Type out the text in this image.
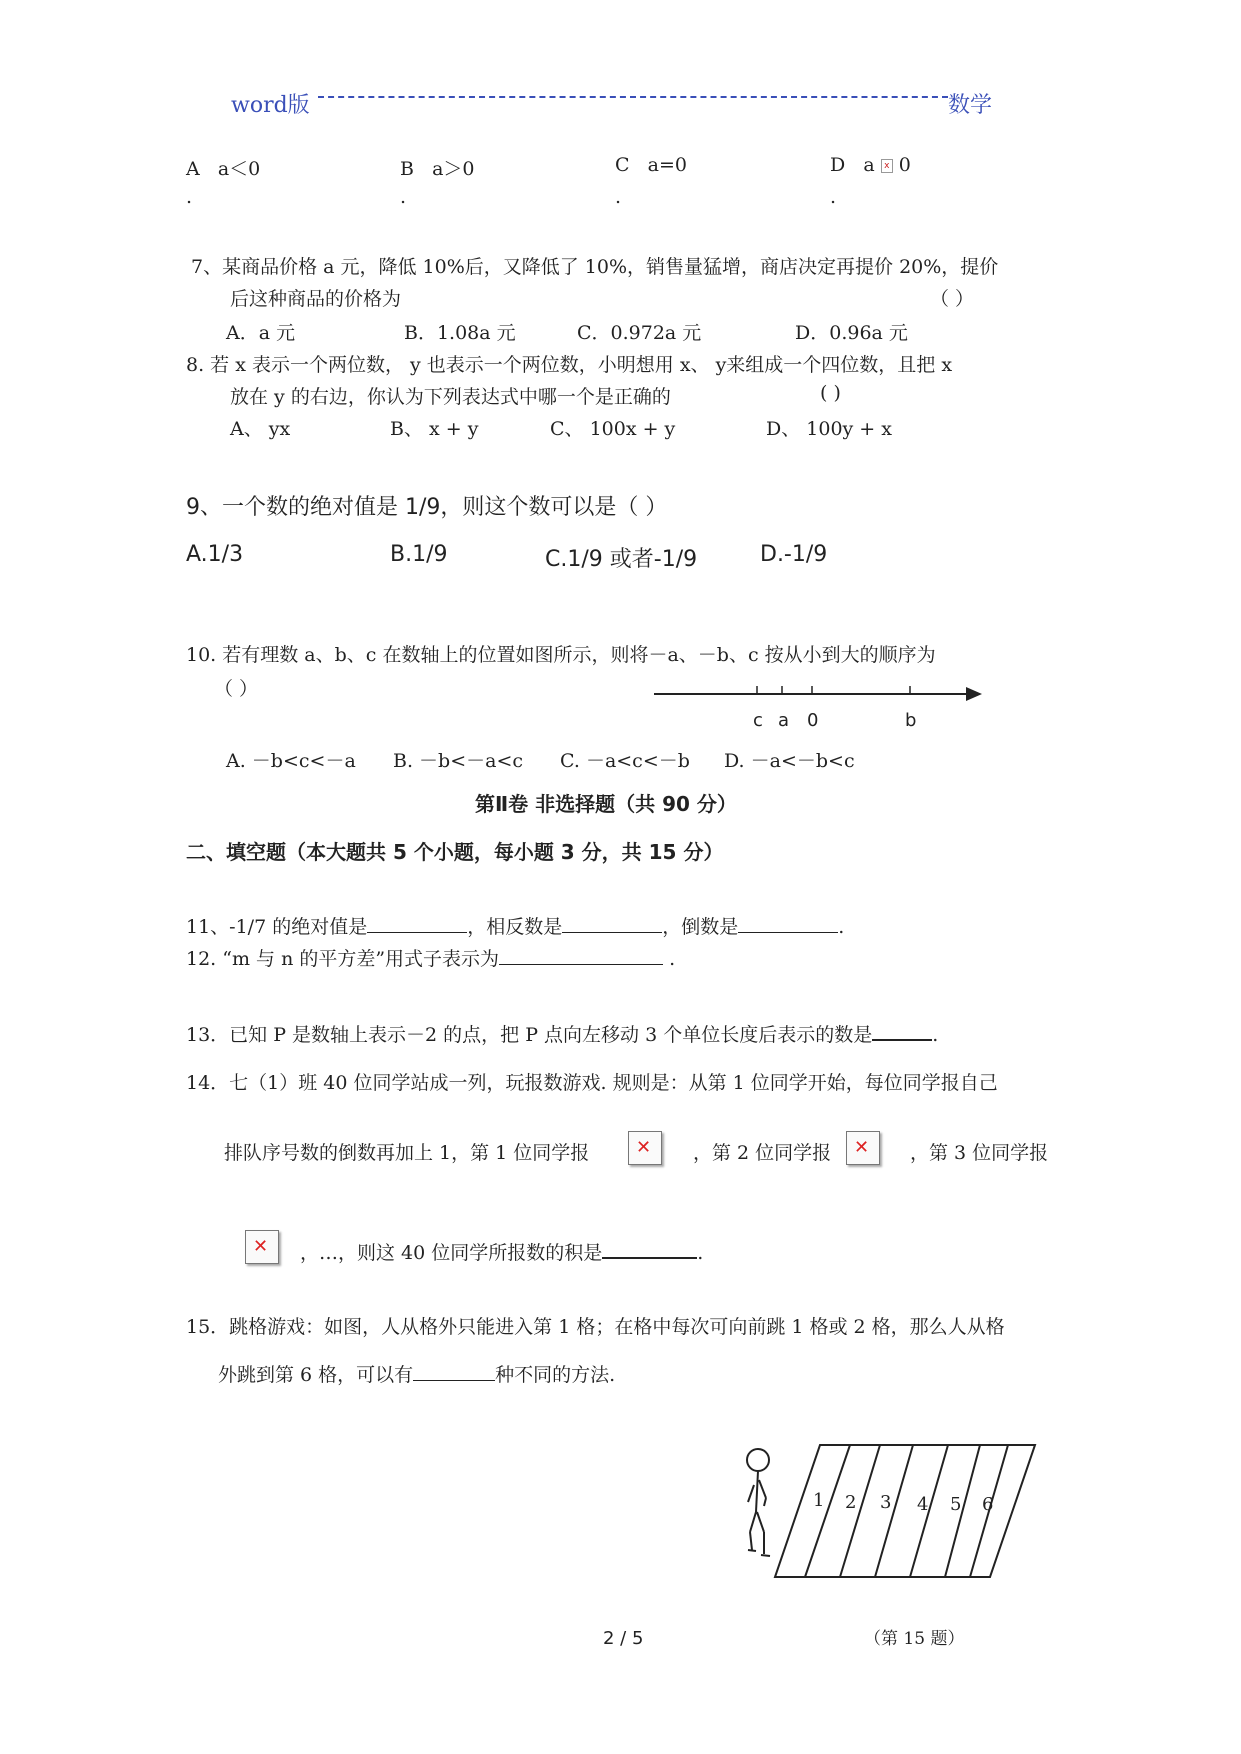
word版	数学
A a＜0
.
B a＞0
.
C a=0
.
D a x 0
.
7、某商品价格 a 元，降低 10%后，又降低了 10%，销售量猛增，商店决定再提价 20%，提价
后这种商品的价格为	（ ）
A．a 元	B．1.08a 元	C．0.972a 元	D．0.96a 元
8. 若 x 表示一个两位数， y 也表示一个两位数，小明想用 x、 y来组成一个四位数，且把 x
放在 y 的右边，你认为下列表达式中哪一个是正确的	( )
A、 yx	B、 x + y	C、 100x + y	D、 100y + x
9、一个数的绝对值是 1/9，则这个数可以是（ ）
A.1/3	B.1/9	C.1/9 或者-1/9	D.-1/9
10. 若有理数 a、b、c 在数轴上的位置如图所示，则将－a、－b、c 按从小到大的顺序为
（ ）
c a 0	b
A. －b<c<－a B. －b<－a<c C. －a<c<－b D. －a<－b<c
第Ⅱ卷 非选择题（共 90 分）
二、填空题（本大题共 5 个小题，每小题 3 分，共 15 分）
11、-1/7 的绝对值是	，相反数是	，倒数是	.
12. “m 与 n 的平方差”用式子表示为	.
13．已知 P 是数轴上表示－2 的点，把 P 点向左移动 3 个单位长度后表示的数是	.
14．七（1）班 40 位同学站成一列，玩报数游戏. 规则是：从第 1 位同学开始，每位同学报自己
排队序号数的倒数再加上 1，第 1 位同学报	✕ ，第 2 位同学报 ✕ ，第 3 位同学报
✕ ，…，则这 40 位同学所报数的积是	.
15．跳格游戏：如图，人从格外只能进入第 1 格；在格中每次可向前跳 1 格或 2 格，那么人从格
外跳到第 6 格，可以有	种不同的方法.
1 2 3 4 5 6
（第 15 题）
2 / 5
